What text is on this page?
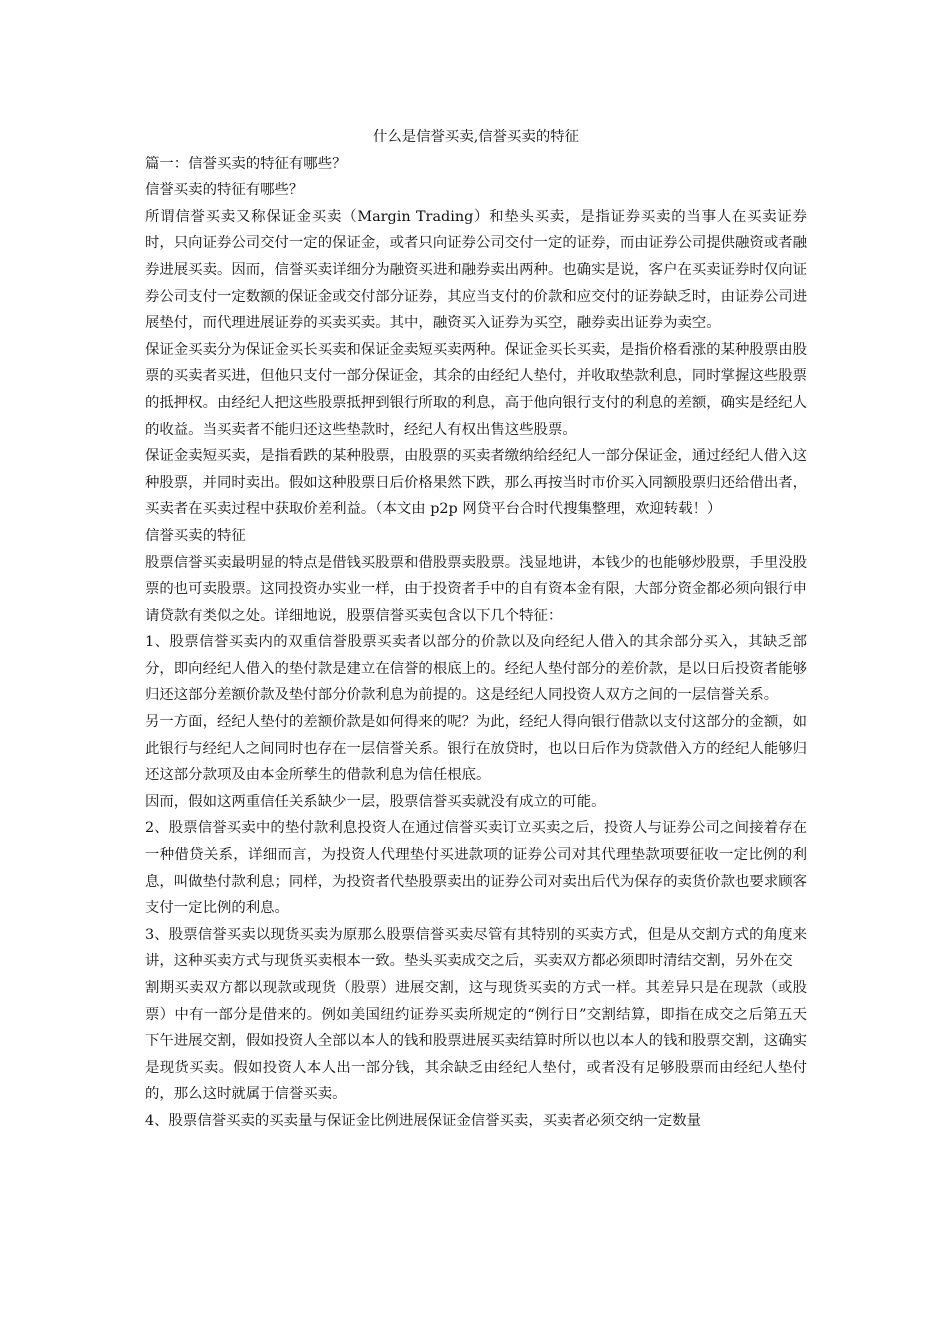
什么是信誉买卖,信誉买卖的特征

篇一：信誉买卖的特征有哪些？

信誉买卖的特征有哪些？

所谓信誉买卖又称保证金买卖（Margin Trading）和垫头买卖，是指证券买卖的当事人在买卖证券时，只向证券公司交付一定的保证金，或者只向证券公司交付一定的证券，而由证券公司提供融资或者融券进展买卖。因而，信誉买卖详细分为融资买进和融券卖出两种。也确实是说，客户在买卖证券时仅向证券公司支付一定数额的保证金或交付部分证券，其应当支付的价款和应交付的证券缺乏时，由证券公司进展垫付，而代理进展证券的买卖买卖。其中，融资买入证券为买空，融券卖出证券为卖空。

保证金买卖分为保证金买长买卖和保证金卖短买卖两种。保证金买长买卖，是指价格看涨的某种股票由股票的买卖者买进，但他只支付一部分保证金，其余的由经纪人垫付，并收取垫款利息，同时掌握这些股票的抵押权。由经纪人把这些股票抵押到银行所取的利息，高于他向银行支付的利息的差额，确实是经纪人的收益。当买卖者不能归还这些垫款时，经纪人有权出售这些股票。

保证金卖短买卖，是指看跌的某种股票，由股票的买卖者缴纳给经纪人一部分保证金，通过经纪人借入这种股票，并同时卖出。假如这种股票日后价格果然下跌，那么再按当时市价买入同额股票归还给借出者，买卖者在买卖过程中获取价差利益。（本文由 p2p 网贷平台合时代搜集整理，欢迎转载！）

信誉买卖的特征

股票信誉买卖最明显的特点是借钱买股票和借股票卖股票。浅显地讲，本钱少的也能够炒股票，手里没股票的也可卖股票。这同投资办实业一样，由于投资者手中的自有资本金有限，大部分资金都必须向银行申请贷款有类似之处。详细地说，股票信誉买卖包含以下几个特征：

1、股票信誉买卖内的双重信誉股票买卖者以部分的价款以及向经纪人借入的其余部分买入，其缺乏部分，即向经纪人借入的垫付款是建立在信誉的根底上的。经纪人垫付部分的差价款，是以日后投资者能够归还这部分差额价款及垫付部分价款利息为前提的。这是经纪人同投资人双方之间的一层信誉关系。

另一方面，经纪人垫付的差额价款是如何得来的呢？为此，经纪人得向银行借款以支付这部分的金额，如此银行与经纪人之间同时也存在一层信誉关系。银行在放贷时，也以日后作为贷款借入方的经纪人能够归还这部分款项及由本金所孳生的借款利息为信任根底。

因而，假如这两重信任关系缺少一层，股票信誉买卖就没有成立的可能。

2、股票信誉买卖中的垫付款利息投资人在通过信誉买卖订立买卖之后，投资人与证券公司之间接着存在一种借贷关系，详细而言，为投资人代理垫付买进款项的证券公司对其代理垫款项要征收一定比例的利息，叫做垫付款利息；同样，为投资者代垫股票卖出的证券公司对卖出后代为保存的卖货价款也要求顾客支付一定比例的利息。

3、股票信誉买卖以现货买卖为原那么股票信誉买卖尽管有其特别的买卖方式，但是从交割方式的角度来讲，这种买卖方式与现货买卖根本一致。垫头买卖成交之后，买卖双方都必须即时清结交割，另外在交

割期买卖双方都以现款或现货（股票）进展交割，这与现货买卖的方式一样。其差异只是在现款（或股票）中有一部分是借来的。例如美国纽约证券买卖所规定的“例行日”交割结算，即指在成交之后第五天下午进展交割，假如投资人全部以本人的钱和股票进展买卖结算时所以也以本人的钱和股票交割，这确实是现货买卖。假如投资人本人出一部分钱，其余缺乏由经纪人垫付，或者没有足够股票而由经纪人垫付的，那么这时就属于信誉买卖。

4、股票信誉买卖的买卖量与保证金比例进展保证金信誉买卖，买卖者必须交纳一定数量
